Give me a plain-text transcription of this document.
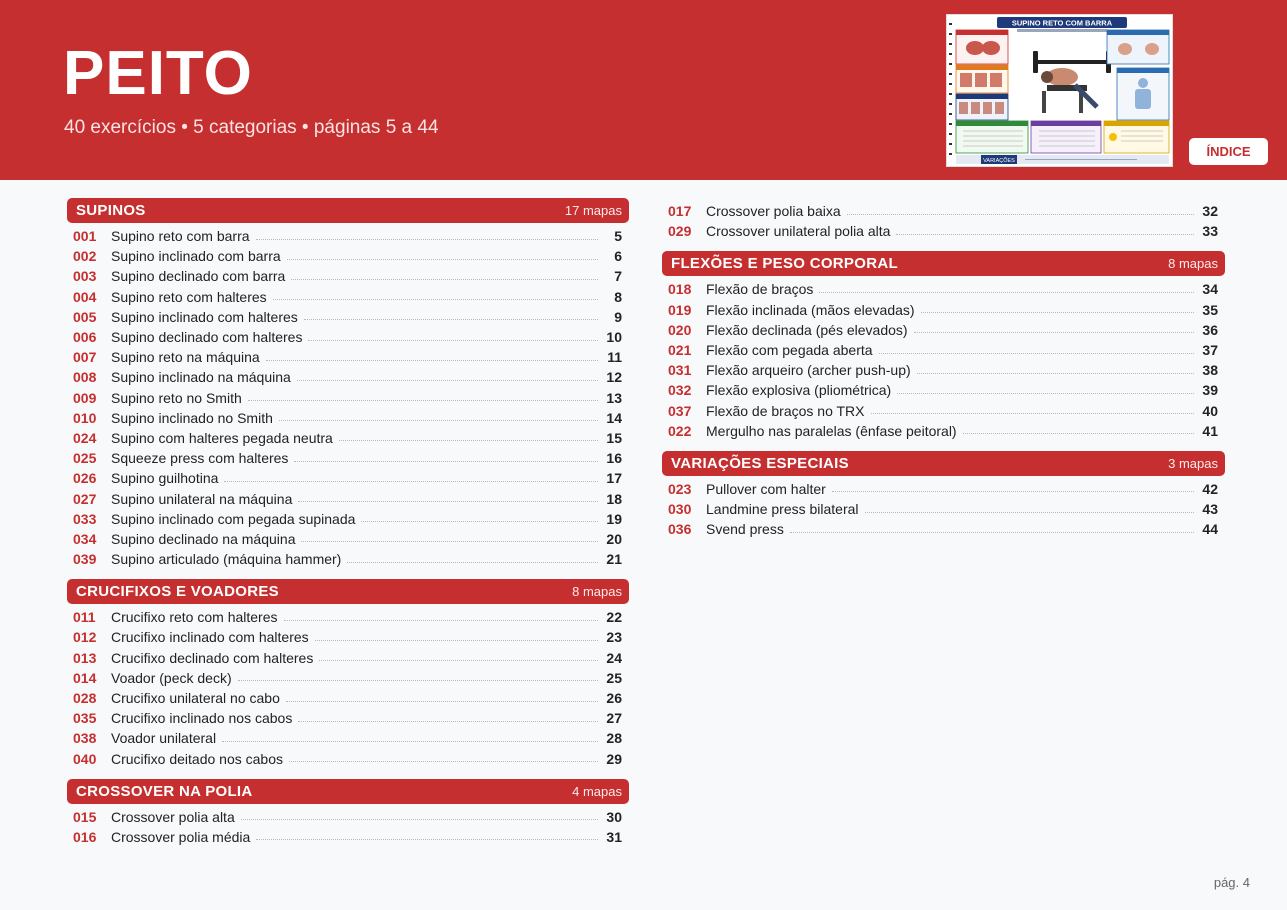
PEITO
40 exercícios • 5 categorias • páginas 5 a 44
SUPINO RETO COM BARRA
VARIAÇÕES
ÍNDICE
SUPINOS	17 mapas
001	Supino reto com barra	5
002	Supino inclinado com barra	6
003	Supino declinado com barra	7
004	Supino reto com halteres	8
005	Supino inclinado com halteres	9
006	Supino declinado com halteres	10
007	Supino reto na máquina	11
008	Supino inclinado na máquina	12
009	Supino reto no Smith	13
010	Supino inclinado no Smith	14
024	Supino com halteres pegada neutra	15
025	Squeeze press com halteres	16
026	Supino guilhotina	17
027	Supino unilateral na máquina	18
033	Supino inclinado com pegada supinada	19
034	Supino declinado na máquina	20
039	Supino articulado (máquina hammer)	21
CRUCIFIXOS E VOADORES	8 mapas
011	Crucifixo reto com halteres	22
012	Crucifixo inclinado com halteres	23
013	Crucifixo declinado com halteres	24
014	Voador (peck deck)	25
028	Crucifixo unilateral no cabo	26
035	Crucifixo inclinado nos cabos	27
038	Voador unilateral	28
040	Crucifixo deitado nos cabos	29
CROSSOVER NA POLIA	4 mapas
015	Crossover polia alta	30
016	Crossover polia média	31
017	Crossover polia baixa	32
029	Crossover unilateral polia alta	33
FLEXÕES E PESO CORPORAL	8 mapas
018	Flexão de braços	34
019	Flexão inclinada (mãos elevadas)	35
020	Flexão declinada (pés elevados)	36
021	Flexão com pegada aberta	37
031	Flexão arqueiro (archer push-up)	38
032	Flexão explosiva (pliométrica)	39
037	Flexão de braços no TRX	40
022	Mergulho nas paralelas (ênfase peitoral)	41
VARIAÇÕES ESPECIAIS	3 mapas
023	Pullover com halter	42
030	Landmine press bilateral	43
036	Svend press	44
pág. 4
